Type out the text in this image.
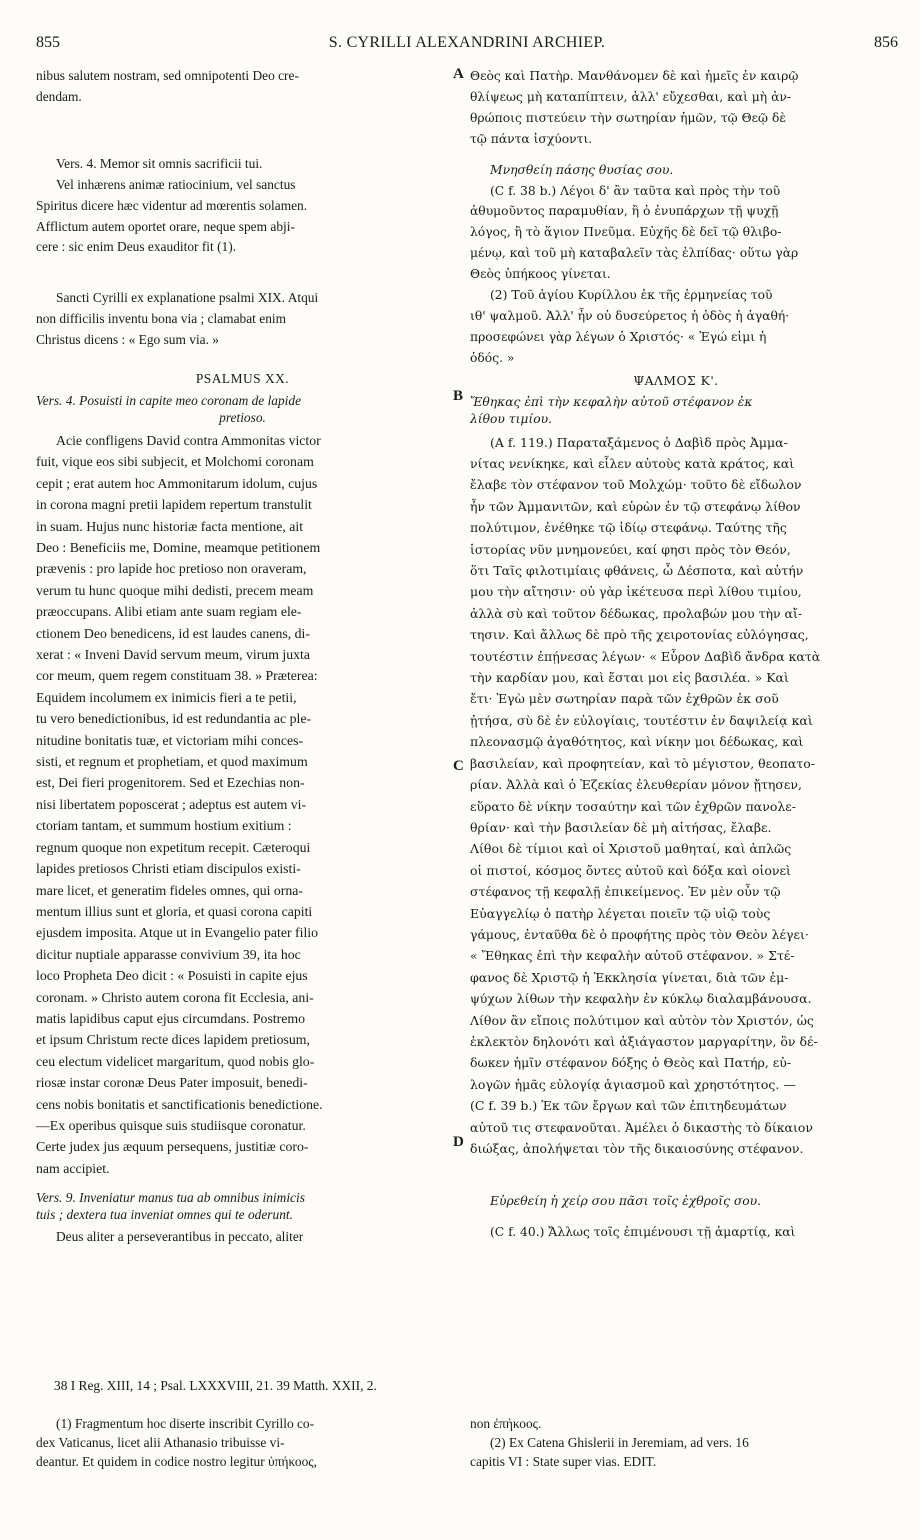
855	S. CYRILLI ALEXANDRINI ARCHIEP.	856
A
B
C
D

nibus salutem nostram, sed omnipotenti Deo cre-
dendam.

Vers. 4. Memor sit omnis sacrificii tui.

Vel inhærens animæ ratiocinium, vel sanctus
Spiritus dicere hæc videntur ad mœrentis solamen.
Afflictum autem oportet orare, neque spem abji-
cere : sic enim Deus exauditor fit (1).

Sancti Cyrilli ex explanatione psalmi XIX. Atqui
non difficilis inventu bona via ; clamabat enim
Christus dicens : « Ego sum via. »

PSALMUS XX.

Vers. 4. Posuisti in capite meo coronam de lapide

pretioso.

Acie confligens David contra Ammonitas victor
fuit, vique eos sibi subjecit, et Molchomi coronam
cepit ; erat autem hoc Ammonitarum idolum, cujus
in corona magni pretii lapidem repertum transtulit
in suam. Hujus nunc historiæ facta mentione, ait
Deo : Beneficiis me, Domine, meamque petitionem
prævenis : pro lapide hoc pretioso non oraveram,
verum tu hunc quoque mihi dedisti, precem meam
præoccupans. Alibi etiam ante suam regiam ele-
ctionem Deo benedicens, id est laudes canens, di-
xerat : « Inveni David servum meum, virum juxta
cor meum, quem regem constituam 38. » Præterea:
Equidem incolumem ex inimicis fieri a te petii,
tu vero benedictionibus, id est redundantia ac ple-
nitudine bonitatis tuæ, et victoriam mihi conces-
sisti, et regnum et prophetiam, et quod maximum
est, Dei fieri progenitorem. Sed et Ezechias non-
nisi libertatem poposcerat ; adeptus est autem vi-
ctoriam tantam, et summum hostium exitium :
regnum quoque non expetitum recepit. Cæteroqui
lapides pretiosos Christi etiam discipulos existi-
mare licet, et generatim fideles omnes, qui orna-
mentum illius sunt et gloria, et quasi corona capiti
ejusdem imposita. Atque ut in Evangelio pater filio
dicitur nuptiale apparasse convivium 39, ita hoc
loco Propheta Deo dicit : « Posuisti in capite ejus
coronam. » Christo autem corona fit Ecclesia, ani-
matis lapidibus caput ejus circumdans. Postremo
et ipsum Christum recte dices lapidem pretiosum,
ceu electum videlicet margaritum, quod nobis glo-
riosæ instar coronæ Deus Pater imposuit, benedi-
cens nobis bonitatis et sanctificationis benedictione.
—Ex operibus quisque suis studiisque coronatur.
Certe judex jus æquum persequens, justitiæ coro-
nam accipiet.

Vers. 9. Inveniatur manus tua ab omnibus inimicis
tuis ; dextera tua inveniat omnes qui te oderunt.

Deus aliter a perseverantibus in peccato, aliter

Θεὸς καὶ Πατὴρ. Μανθάνομεν δὲ καὶ ἡμεῖς ἐν καιρῷ
θλίψεως μὴ καταπίπτειν, ἀλλ' εὔχεσθαι, καὶ μὴ ἀν-
θρώποις πιστεύειν τὴν σωτηρίαν ἡμῶν, τῷ Θεῷ δὲ
τῷ πάντα ἰσχύοντι.

Μνησθείη πάσης θυσίας σου.

(C f. 38 b.) Λέγοι δ' ἂν ταῦτα καὶ πρὸς τὴν τοῦ
ἀθυμοῦντος παραμυθίαν, ἢ ὁ ἐνυπάρχων τῇ ψυχῇ
λόγος, ἢ τὸ ἅγιον Πνεῦμα. Εὐχῆς δὲ δεῖ τῷ θλιβο-
μένῳ, καὶ τοῦ μὴ καταβαλεῖν τὰς ἐλπίδας· οὕτω γὰρ
Θεὸς ὑπήκοος γίνεται.

(2) Τοῦ ἁγίου Κυρίλλου ἐκ τῆς ἑρμηνείας τοῦ
ιθ' ψαλμοῦ. Ἀλλ' ἦν οὐ δυσεύρετος ἡ ὁδὸς ἡ ἀγαθή·
προσεφώνει γὰρ λέγων ὁ Χριστός· « Ἐγώ εἰμι ἡ
ὁδός. »

ΨΑΛΜΟΣ Κ'.

Ἔθηκας ἐπὶ τὴν κεφαλὴν αὐτοῦ στέφανον ἐκ
λίθου τιμίου.

(A f. 119.) Παραταξάμενος ὁ Δαβὶδ πρὸς Ἀμμα-
νίτας νενίκηκε, καὶ εἷλεν αὐτοὺς κατὰ κράτος, καὶ
ἔλαβε τὸν στέφανον τοῦ Μολχώμ· τοῦτο δὲ εἴδωλον
ἦν τῶν Ἀμμανιτῶν, καὶ εὑρὼν ἐν τῷ στεφάνῳ λίθον
πολύτιμον, ἐνέθηκε τῷ ἰδίῳ στεφάνῳ. Ταύτης τῆς
ἱστορίας νῦν μνημονεύει, καί φησι πρὸς τὸν Θεόν,
ὅτι Ταῖς φιλοτιμίαις φθάνεις, ὦ Δέσποτα, καὶ αὐτήν
μου τὴν αἴτησιν· οὐ γὰρ ἱκέτευσα περὶ λίθου τιμίου,
ἀλλὰ σὺ καὶ τοῦτον δέδωκας, προλαβών μου τὴν αἴ-
τησιν. Καὶ ἄλλως δὲ πρὸ τῆς χειροτονίας εὐλόγησας,
τουτέστιν ἐπῄνεσας λέγων· « Εὗρον Δαβὶδ ἄνδρα κατὰ
τὴν καρδίαν μου, καὶ ἔσται μοι εἰς βασιλέα. » Καὶ
ἔτι· Ἐγὼ μὲν σωτηρίαν παρὰ τῶν ἐχθρῶν ἐκ σοῦ
ᾐτήσα, σὺ δὲ ἐν εὐλογίαις, τουτέστιν ἐν δαψιλείᾳ καὶ
πλεονασμῷ ἀγαθότητος, καὶ νίκην μοι δέδωκας, καὶ
βασιλείαν, καὶ προφητείαν, καὶ τὸ μέγιστον, θεοπατο-
ρίαν. Ἀλλὰ καὶ ὁ Ἐζεκίας ἐλευθερίαν μόνον ᾔτησεν,
εὕρατο δὲ νίκην τοσαύτην καὶ τῶν ἐχθρῶν πανολε-
θρίαν· καὶ τὴν βασιλείαν δὲ μὴ αἰτήσας, ἔλαβε.
Λίθοι δὲ τίμιοι καὶ οἱ Χριστοῦ μαθηταί, καὶ ἁπλῶς
οἱ πιστοί, κόσμος ὄντες αὐτοῦ καὶ δόξα καὶ οἱονεὶ
στέφανος τῇ κεφαλῇ ἐπικείμενος. Ἐν μὲν οὖν τῷ
Εὐαγγελίῳ ὁ πατὴρ λέγεται ποιεῖν τῷ υἱῷ τοὺς
γάμους, ἐνταῦθα δὲ ὁ προφήτης πρὸς τὸν Θεὸν λέγει·
« Ἔθηκας ἐπὶ τὴν κεφαλὴν αὐτοῦ στέφανον. » Στέ-
φανος δὲ Χριστῷ ἡ Ἐκκλησία γίνεται, διὰ τῶν ἐμ-
ψύχων λίθων τὴν κεφαλὴν ἐν κύκλῳ διαλαμβάνουσα.
Λίθον ἂν εἴποις πολύτιμον καὶ αὐτὸν τὸν Χριστόν, ὡς
ἐκλεκτὸν δηλονότι καὶ ἀξιάγαστον μαργαρίτην, ὃν δέ-
δωκεν ἡμῖν στέφανον δόξης ὁ Θεὸς καὶ Πατήρ, εὐ-
λογῶν ἡμᾶς εὐλογίᾳ ἁγιασμοῦ καὶ χρηστότητος. —
(C f. 39 b.) Ἐκ τῶν ἔργων καὶ τῶν ἐπιτηδευμάτων
αὐτοῦ τις στεφανοῦται. Ἀμέλει ὁ δικαστὴς τὸ δίκαιον
διώξας, ἀπολήψεται τὸν τῆς δικαιοσύνης στέφανον.

Εὑρεθείη ἡ χείρ σου πᾶσι τοῖς ἐχθροῖς σου.

(C f. 40.) Ἄλλως τοῖς ἐπιμένουσι τῇ ἁμαρτίᾳ, καὶ

38 I Reg. XIII, 14 ; Psal. LXXXVIII, 21. 39 Matth. XXII, 2.

(1) Fragmentum hoc diserte inscribit Cyrillo co-
dex Vaticanus, licet alii Athanasio tribuisse vi-
deantur. Et quidem in codice nostro legitur ὑπήκοος,

non ἐπήκοος.
(2) Ex Catena Ghislerii in Jeremiam, ad vers. 16
capitis VI : State super vias. EDIT.
